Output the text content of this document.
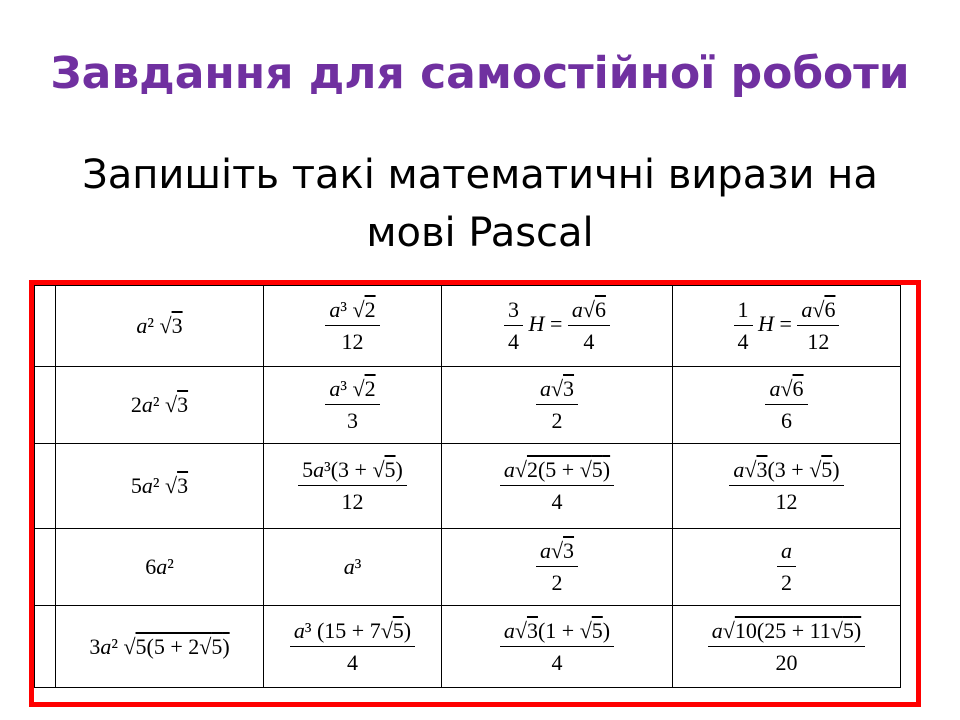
Завдання для самостійної роботи
Запишіть такі математичні вирази на мові Pascal
	a² √3	$\frac{\text{a³ √2}}{12}$	$\frac{3}{4}$ $H = \frac{a√6}{4}$	$\frac{1}{4}$ $H = \frac{a√6}{12}$

	2a² √3	$\frac{\text{a³ √2}}{3}$	$\frac{a√3}{2}$	$\frac{a√6}{6}$

	5a² √3	$\frac{\text{5a³(3 + √5)}}{12}$	$\frac{a√2(5 + √5)}{4}$	$\frac{a√3(3 + √5)}{12}$

	6a²	a³	$\frac{a√3}{2}$	$\frac{a}{2}$

	3a² √5(5 + 2√5)	$\frac{\text{a³ (15 + 7√5)}}{4}$	$\frac{a√3(1 + √5)}{4}$	$\frac{a√10(25 + 11√5)}{20}$
